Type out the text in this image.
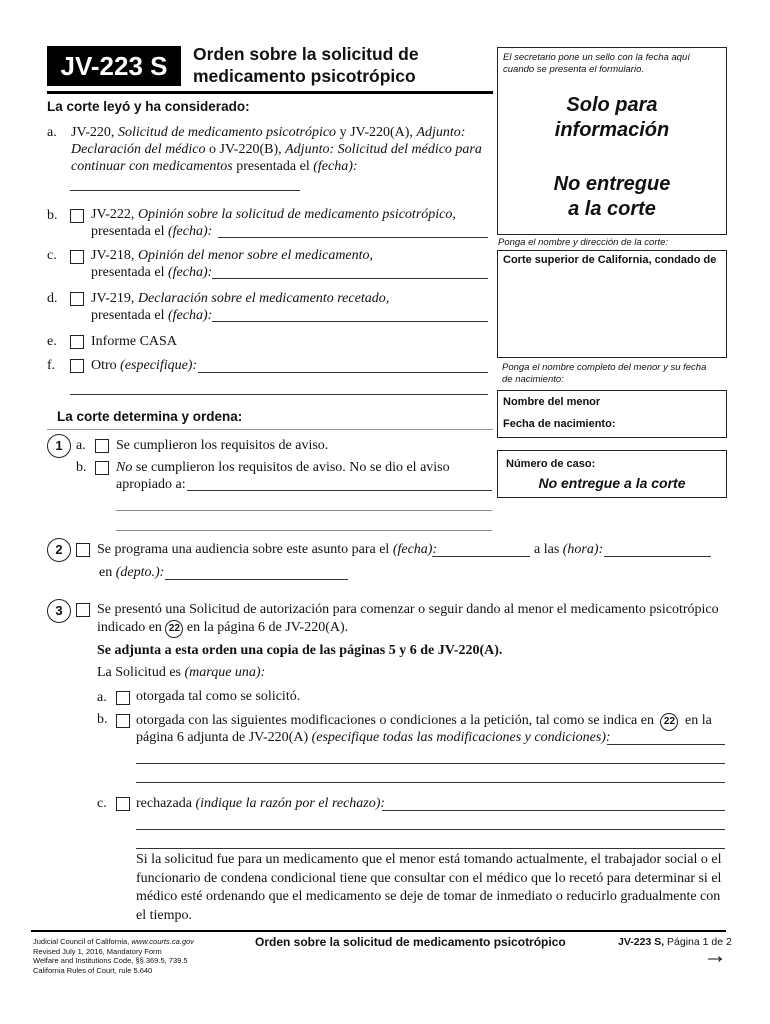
JV-223 S	Orden sobre la solicitud de
medicamento psicotrópico
El secretario pone un sello con la fecha aquí
cuando se presenta el formulario.
Solo para
información
No entregue
a la corte
Ponga el nombre y dirección de la corte:
Corte superior de California, condado de
Ponga el nombre completo del menor y su fecha
de nacimiento:
Nombre del menor
Fecha de nacimiento:
Número de caso:
No entregue a la corte
La corte leyó y ha considerado:
a. JV-220, Solicitud de medicamento psicotrópico y JV-220(A), Adjunto:
Declaración del médico o JV-220(B), Adjunto: Solicitud del médico para
continuar con medicamentos presentada el (fecha):
b. JV-222, Opinión sobre la solicitud de medicamento psicotrópico,
presentada el (fecha):
c. JV-218, Opinión del menor sobre el medicamento,
presentada el (fecha):
d. JV-219, Declaración sobre el medicamento recetado,
presentada el (fecha):
e. Informe CASA
f.	Otro (especifique):
La corte determina y ordena:
1 a. Se cumplieron los requisitos de aviso.
b. No se cumplieron los requisitos de aviso. No se dio el aviso
apropiado a:
2	Se programa una audiencia sobre este asunto para el (fecha):	a las (hora):
en (depto.):
3	Se presentó una Solicitud de autorización para comenzar o seguir dando al menor el medicamento psicotrópico
indicado en 22 en la página 6 de JV-220(A).
Se adjunta a esta orden una copia de las páginas 5 y 6 de JV-220(A).
La Solicitud es (marque una):
a. otorgada tal como se solicitó.
b. otorgada con las siguientes modificaciones o condiciones a la petición, tal como se indica en 22 en la
página 6 adjunta de JV-220(A) (especifique todas las modificaciones y condiciones):
c. rechazada (indique la razón por el rechazo):
Si la solicitud fue para un medicamento que el menor está tomando actualmente, el trabajador social o el
funcionario de condena condicional tiene que consultar con el médico que lo recetó para determinar si el
médico esté ordenando que el medicamento se deje de tomar de inmediato o reducirlo gradualmente con
el tiempo.
Judicial Council of California, www.courts.ca.gov
Revised July 1, 2016, Mandatory Form
Welfare and Institutions Code, §§ 369.5, 739.5
California Rules of Court, rule 5.640
Orden sobre la solicitud de medicamento psicotrópico	JV-223 S, Página 1 de 2
→
